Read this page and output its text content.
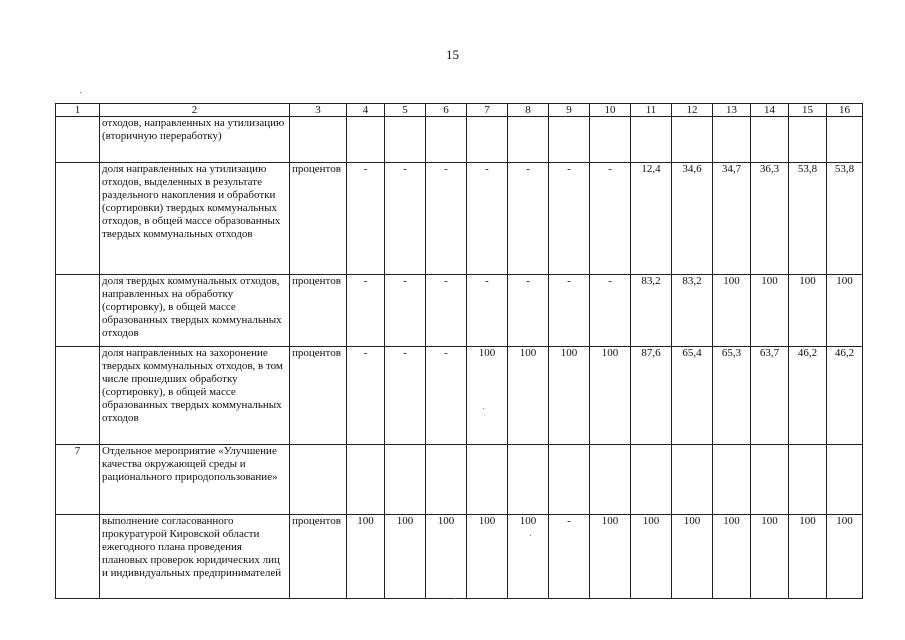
15
1	2	3	4	5	6	7	8	9	10	11	12	13	14	15	16
	отходов, направленных на утилизацию (вторичную переработку)														
	доля направленных на утилизацию отходов, выделенных в результате раздельного накопления и обработки (сортировки) твердых коммунальных отходов, в общей массе образованных твердых коммунальных отходов	процентов	-	-	-	-	-	-	-	12,4	34,6	34,7	36,3	53,8	53,8
	доля твердых коммунальных отходов, направленных на обработку (сортировку), в общей массе образованных твердых коммунальных отходов	процентов	-	-	-	-	-	-	-	83,2	83,2	100	100	100	100
	доля направленных на захоронение твердых коммунальных отходов, в том числе прошедших обработку (сортировку), в общей массе образованных твердых коммунальных отходов	процентов	-	-	-	100	100	100	100	87,6	65,4	65,3	63,7	46,2	46,2
7	Отдельное мероприятие «Улучшение качества окружающей среды и рационального природопользование»														
	выполнение согласованного прокуратурой Кировской области ежегодного плана проведения плановых проверок юридических лиц и индивидуальных предпринимателей	процентов	100	100	100	100	100	-	100	100	100	100	100	100	100
